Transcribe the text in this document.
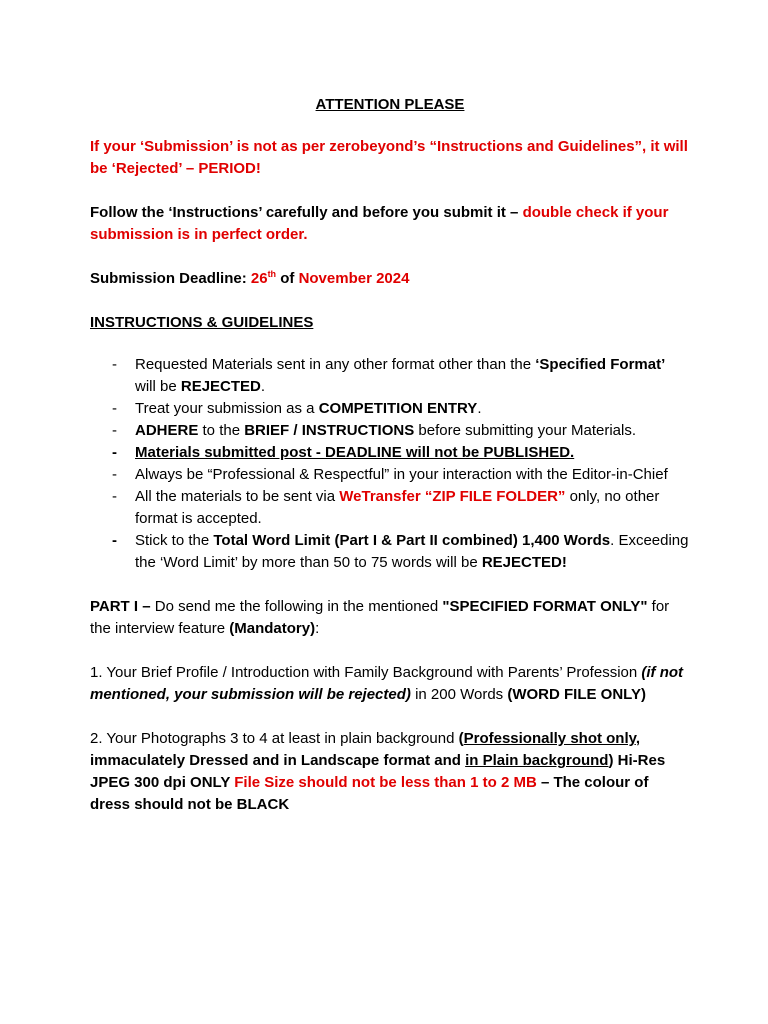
ATTENTION PLEASE

If your ‘Submission’ is not as per zerobeyond’s “Instructions and Guidelines”, it will be ‘Rejected’ – PERIOD!

Follow the ‘Instructions’ carefully and before you submit it – double check if your submission is in perfect order.

Submission Deadline: 26th of November 2024

INSTRUCTIONS & GUIDELINES
- Requested Materials sent in any other format other than the ‘Specified Format’ will be REJECTED.
- Treat your submission as a COMPETITION ENTRY.
- ADHERE to the BRIEF / INSTRUCTIONS before submitting your Materials.
- Materials submitted post - DEADLINE will not be PUBLISHED.
- Always be “Professional & Respectful” in your interaction with the Editor-in-Chief
- All the materials to be sent via WeTransfer “ZIP FILE FOLDER” only, no other format is accepted.
- Stick to the Total Word Limit (Part I & Part II combined) 1,400 Words. Exceeding the ‘Word Limit’ by more than 50 to 75 words will be REJECTED!

PART I – Do send me the following in the mentioned "SPECIFIED FORMAT ONLY" for the interview feature (Mandatory):

1. Your Brief Profile / Introduction with Family Background with Parents’ Profession (if not mentioned, your submission will be rejected) in 200 Words (WORD FILE ONLY)

2. Your Photographs 3 to 4 at least in plain background (Professionally shot only, immaculately Dressed and in Landscape format and in Plain background) Hi-Res JPEG 300 dpi ONLY File Size should not be less than 1 to 2 MB – The colour of dress should not be BLACK
